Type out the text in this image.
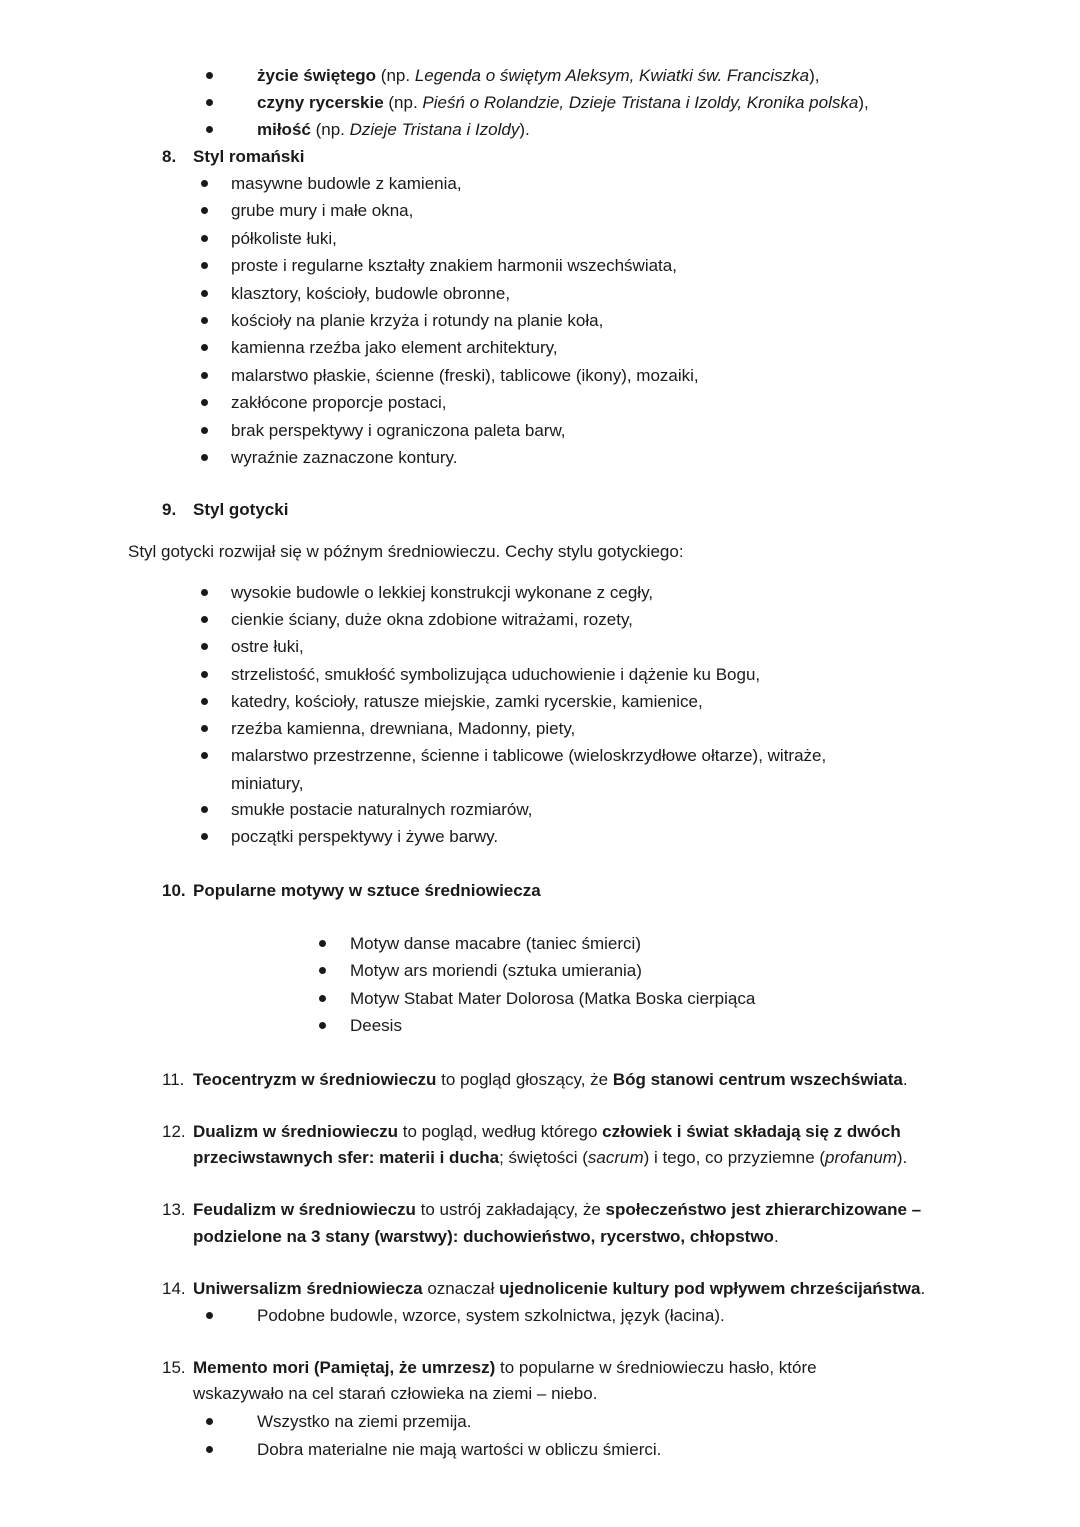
życie świętego (np. Legenda o świętym Aleksym, Kwiatki św. Franciszka),
czyny rycerskie (np. Pieśń o Rolandzie, Dzieje Tristana i Izoldy, Kronika polska),
miłość (np. Dzieje Tristana i Izoldy).
8. Styl romański
masywne budowle z kamienia,
grube mury i małe okna,
półkoliste łuki,
proste i regularne kształty znakiem harmonii wszechświata,
klasztory, kościoły, budowle obronne,
kościoły na planie krzyża i rotundy na planie koła,
kamienna rzeźba jako element architektury,
malarstwo płaskie, ścienne (freski), tablicowe (ikony), mozaiki,
zakłócone proporcje postaci,
brak perspektywy i ograniczona paleta barw,
wyraźnie zaznaczone kontury.
9. Styl gotycki
Styl gotycki rozwijał się w późnym średniowieczu. Cechy stylu gotyckiego:
wysokie budowle o lekkiej konstrukcji wykonane z cegły,
cienkie ściany, duże okna zdobione witrażami, rozety,
ostre łuki,
strzelistość, smukłość symbolizująca uduchowienie i dążenie ku Bogu,
katedry, kościoły, ratusze miejskie, zamki rycerskie, kamienice,
rzeźba kamienna, drewniana, Madonny, piety,
malarstwo przestrzenne, ścienne i tablicowe (wieloskrzydłowe ołtarze), witraże,
smukłe postacie naturalnych rozmiarów,
początki perspektywy i żywe barwy.
miniatury,
10. Popularne motywy w sztuce średniowiecza
Motyw danse macabre (taniec śmierci)
Motyw ars moriendi (sztuka umierania)
Motyw Stabat Mater Dolorosa (Matka Boska cierpiąca
Deesis
11. Teocentryzm w średniowieczu to pogląd głoszący, że Bóg stanowi centrum wszechświata.
12. Dualizm w średniowieczu to pogląd, według którego człowiek i świat składają się z dwóch
przeciwstawnych sfer: materii i ducha; świętości (sacrum) i tego, co przyziemne (profanum).
13. Feudalizm w średniowieczu to ustrój zakładający, że społeczeństwo jest zhierarchizowane –
podzielone na 3 stany (warstwy): duchowieństwo, rycerstwo, chłopstwo.
14. Uniwersalizm średniowiecza oznaczał ujednolicenie kultury pod wpływem chrześcijaństwa.
Podobne budowle, wzorce, system szkolnictwa, język (łacina).
15. Memento mori (Pamiętaj, że umrzesz) to popularne w średniowieczu hasło, które
wskazywało na cel starań człowieka na ziemi – niebo.
Wszystko na ziemi przemija.
Dobra materialne nie mają wartości w obliczu śmierci.
